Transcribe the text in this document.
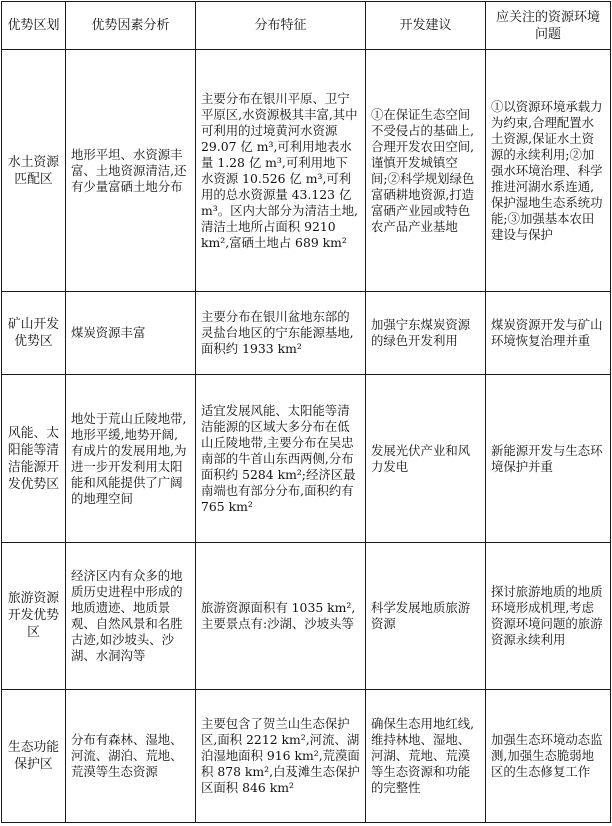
优势区划	优势因素分析	分布特征	开发建议	应关注的资源环境问题
水土资源匹配区	地形平坦、水资源丰富、土地资源清洁,还有少量富硒土地分布	主要分布在银川平原、卫宁平原区,水资源极其丰富,其中可利用的过境黄河水资源 29.07 亿 m³,可利用地表水量 1.28 亿 m³,可利用地下水资源 10.526 亿 m³,可利用的总水资源量 43.123 亿 m³。区内大部分为清洁土地,清洁土地所占面积 9210 km²,富硒土地占 689 km²	①在保证生态空间不受侵占的基础上,合理开发农田空间,谨慎开发城镇空间;②科学规划绿色富硒耕地资源,打造富硒产业园或特色农产品产业基地	①以资源环境承载力为约束,合理配置水土资源,保证水土资源的永续利用;②加强水环境治理、科学推进河湖水系连通,保护湿地生态系统功能;③加强基本农田建设与保护
矿山开发优势区	煤炭资源丰富	主要分布在银川盆地东部的灵盐台地区的宁东能源基地,面积约 1933 km²	加强宁东煤炭资源的绿色开发利用	煤炭资源开发与矿山环境恢复治理并重
风能、太阳能等清洁能源开发优势区	地处于荒山丘陵地带,地形平缓,地势开阔,有成片的发展用地,为进一步开发利用太阳能和风能提供了广阔的地理空间	适宜发展风能、太阳能等清洁能源的区域大多分布在低山丘陵地带,主要分布在吴忠南部的牛首山东西两侧,分布面积约 5284 km²;经济区最南端也有部分分布,面积约有 765 km²	发展光伏产业和风力发电	新能源开发与生态环境保护并重
旅游资源开发优势区	经济区内有众多的地质历史进程中形成的地质遗迹、地质景观、自然风景和名胜古迹,如沙坡头、沙湖、水洞沟等	旅游资源面积有 1035 km²,主要景点有:沙湖、沙坡头等	科学发展地质旅游资源	探讨旅游地质的地质环境形成机理,考虑资源环境问题的旅游资源永续利用
生态功能保护区	分布有森林、湿地、河流、湖泊、荒地、荒漠等生态资源	主要包含了贺兰山生态保护区,面积 2212 km²,河流、湖泊湿地面积 916 km²,荒漠面积 878 km²,白芨滩生态保护区面积 846 km²	确保生态用地红线,维持林地、湿地、河湖、荒地、荒漠等生态资源和功能的完整性	加强生态环境动态监测,加强生态脆弱地区的生态修复工作
